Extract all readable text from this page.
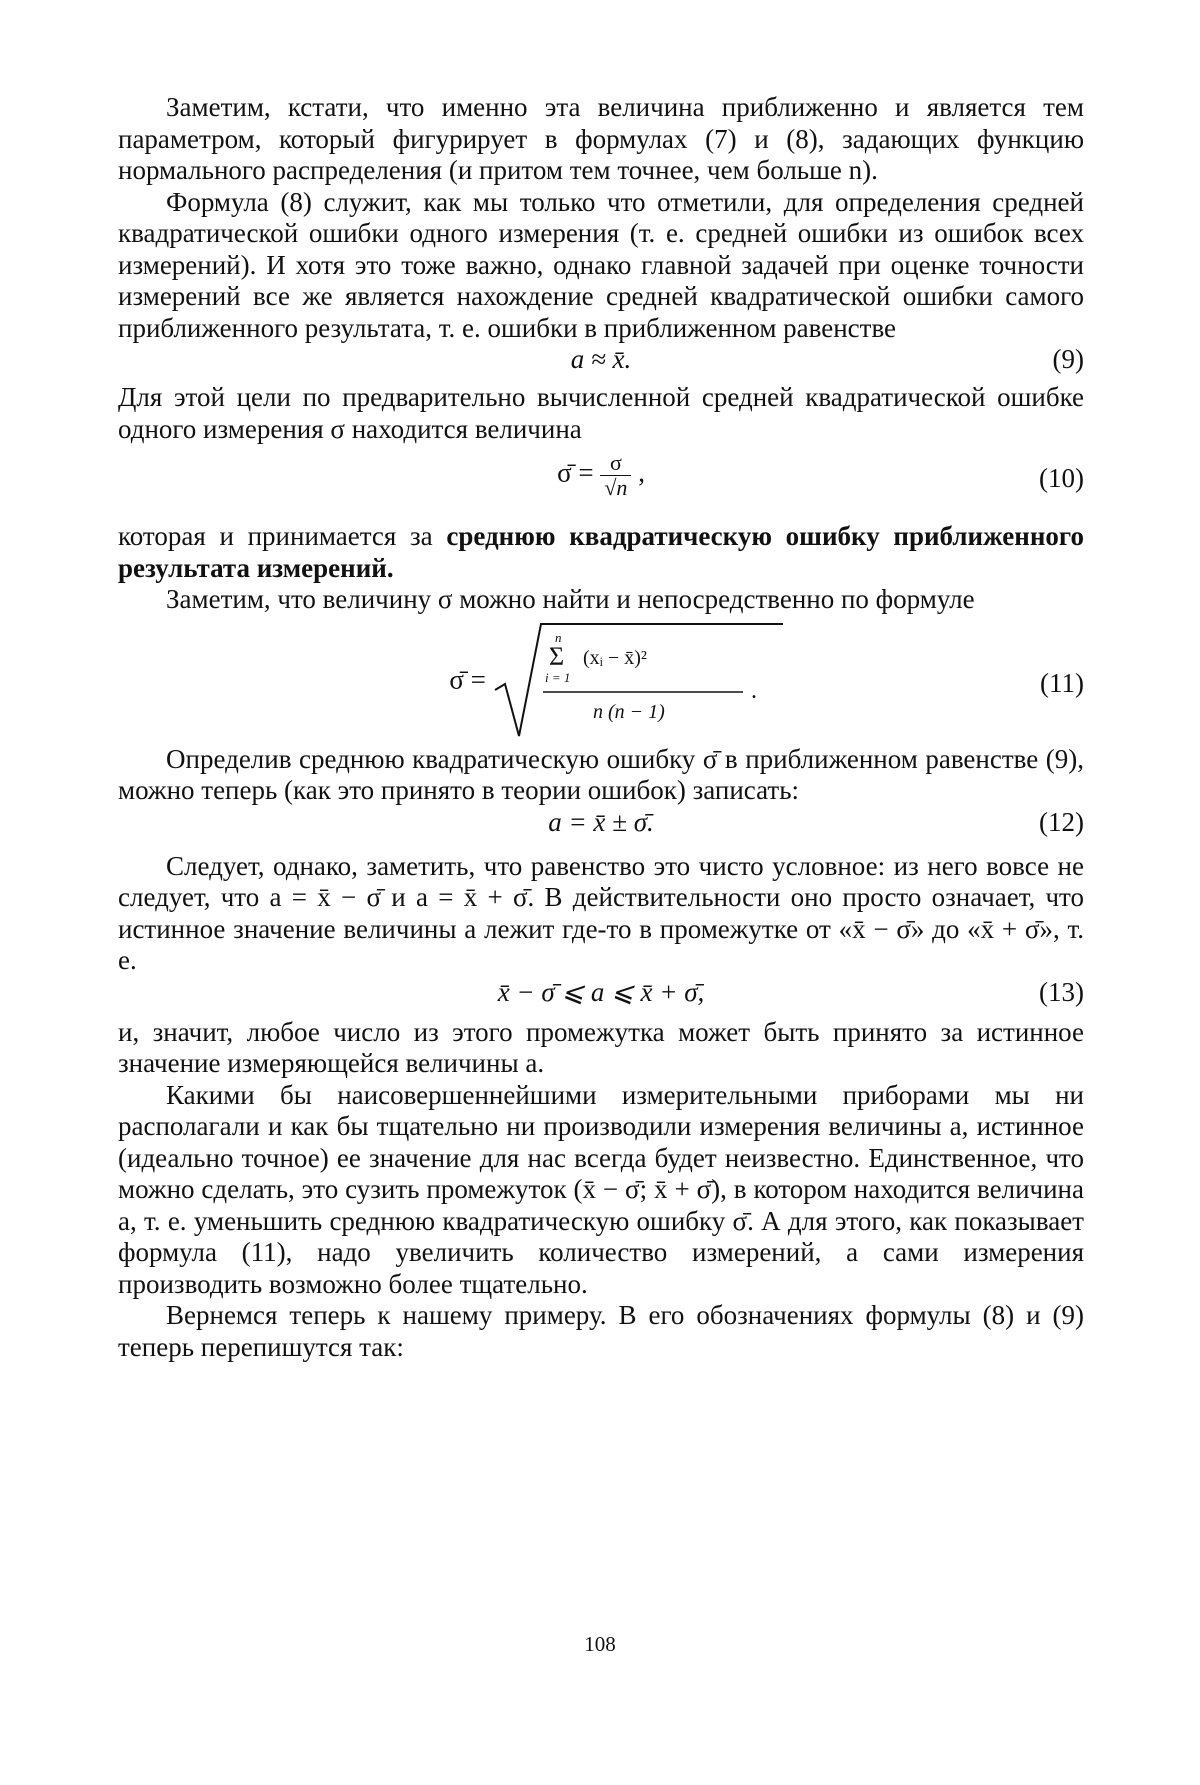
Заметим, кстати, что именно эта величина приближенно и является тем параметром, который фигурирует в формулах (7) и (8), задающих функцию нормального распределения (и притом тем точнее, чем больше n).

Формула (8) служит, как мы только что отметили, для определения средней квадратической ошибки одного измерения (т. е. средней ошибки из ошибок всех измерений). И хотя это тоже важно, однако главной задачей при оценке точности измерений все же является нахождение средней квадратической ошибки самого приближенного результата, т. е. ошибки в приближенном равенстве

a ≈ x̄.	(9)

Для этой цели по предварительно вычисленной средней квадратической ошибке одного измерения σ находится величина

σ̄ = $\frac{\sigma}{√n}$ ,	(10)

которая и принимается за среднюю квадратическую ошибку приближенного результата измерений.

Заметим, что величину σ можно найти и непосредственно по формуле

σ̄ =
n
Σ
i = 1
(xᵢ − x̄)²
n (n − 1)
.	(11)

Определив среднюю квадратическую ошибку σ̄ в приближенном равенстве (9), можно теперь (как это принято в теории ошибок) записать:

a = x̄ ± σ̄.	(12)

Следует, однако, заметить, что равенство это чисто условное: из него вовсе не следует, что a = x̄ − σ̄ и a = x̄ + σ̄. В действительности оно просто означает, что истинное значение величины a лежит где-то в промежутке от «x̄ − σ̄» до «x̄ + σ̄», т. е.

x̄ − σ̄ ⩽ a ⩽ x̄ + σ̄,	(13)

и, значит, любое число из этого промежутка может быть принято за истинное значение измеряющейся величины a.

Какими бы наисовершеннейшими измерительными приборами мы ни располагали и как бы тщательно ни производили измерения величины a, истинное (идеально точное) ее значение для нас всегда будет неизвестно. Единственное, что можно сделать, это сузить промежуток (x̄ − σ̄; x̄ + σ̄), в котором находится величина a, т. е. уменьшить среднюю квадратическую ошибку σ̄. А для этого, как показывает формула (11), надо увеличить количество измерений, а сами измерения производить возможно более тщательно.

Вернемся теперь к нашему примеру. В его обозначениях формулы (8) и (9) теперь перепишутся так:

108
